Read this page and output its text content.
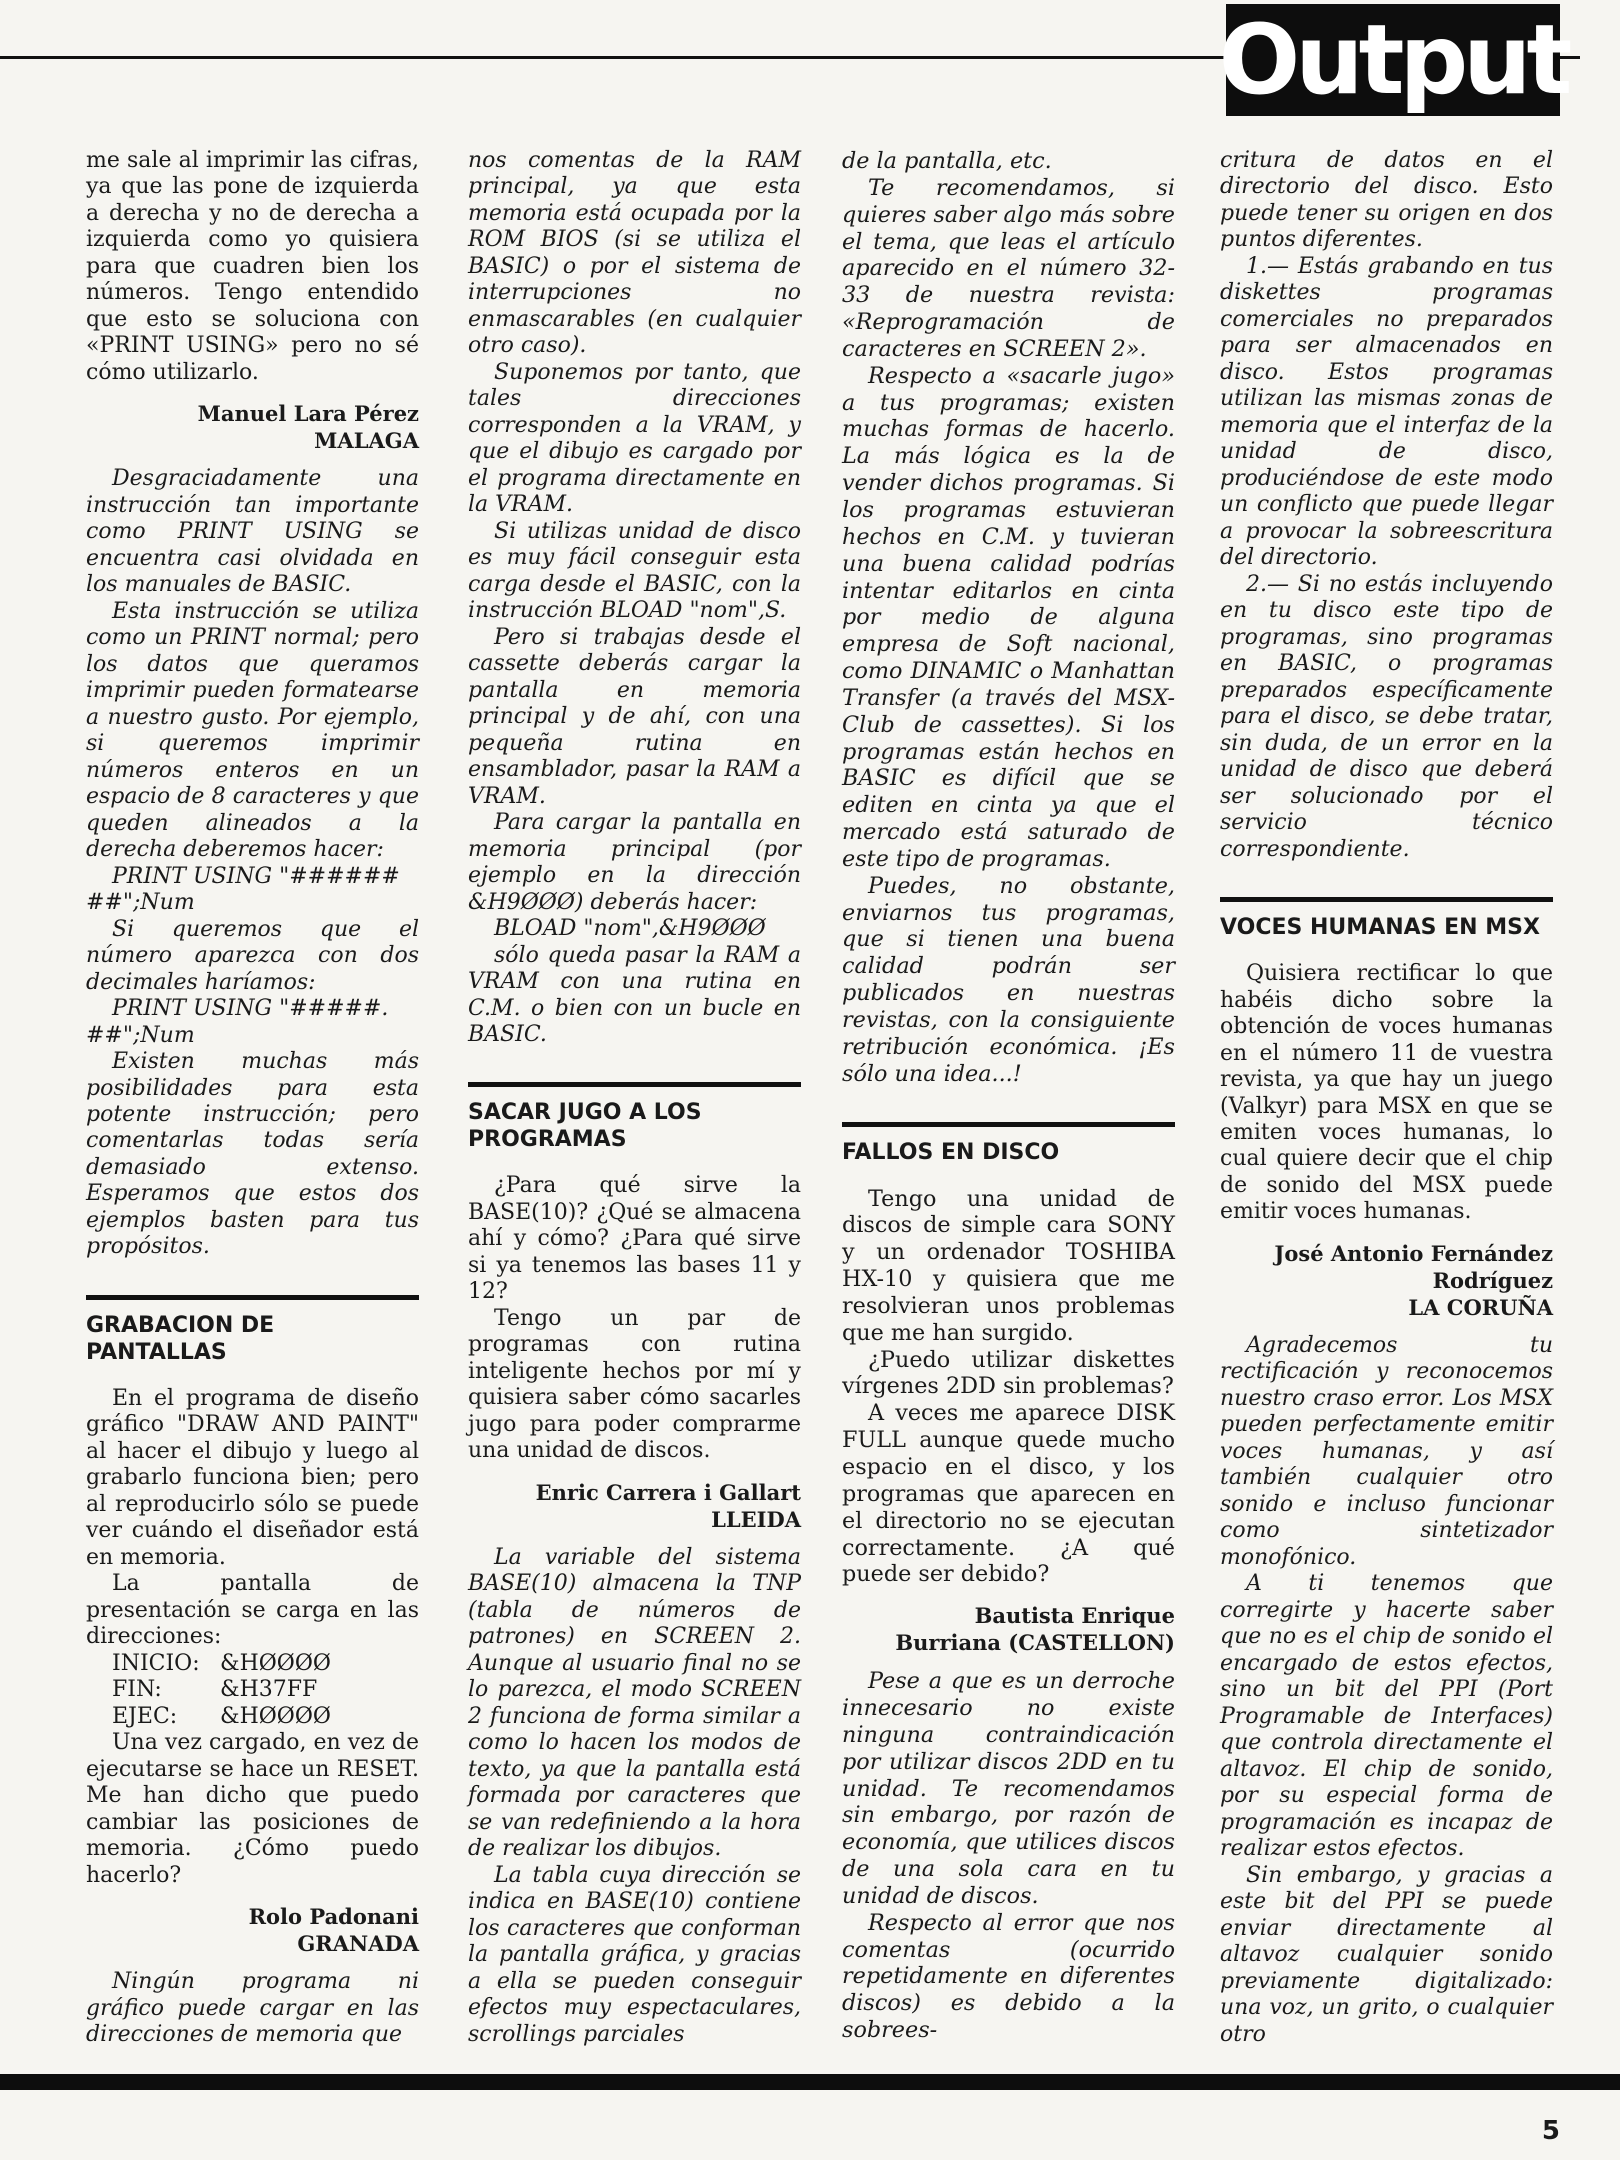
Output

me sale al imprimir las cifras, ya que las pone de izquierda a derecha y no de derecha a izquierda como yo quisiera para que cuadren bien los números. Tengo entendido que esto se soluciona con «PRINT USING» pero no sé cómo utilizarlo.

Manuel Lara Pérez
MALAGA

Desgraciadamente una instrucción tan importante como PRINT USING se encuentra casi olvidada en los manuales de BASIC.

Esta instrucción se utiliza como un PRINT normal; pero los datos que queramos imprimir pueden formatearse a nuestro gusto. Por ejemplo, si queremos imprimir números enteros en un espacio de 8 caracteres y que queden alineados a la derecha deberemos hacer:

PRINT USING "######
##";Num

Si queremos que el número aparezca con dos decimales haríamos:

PRINT USING "#####.
##";Num

Existen muchas más posibilidades para esta potente instrucción; pero comentarlas todas sería demasiado extenso. Esperamos que estos dos ejemplos basten para tus propósitos.

GRABACION DE PANTALLAS

En el programa de diseño gráfico "DRAW AND PAINT" al hacer el dibujo y luego al grabarlo funciona bien; pero al reproducirlo sólo se puede ver cuándo el diseñador está en memoria.

La pantalla de presentación se carga en las direcciones:

INICIO: &HØØØØ
FIN:	&H37FF
EJEC:	&HØØØØ

Una vez cargado, en vez de ejecutarse se hace un RESET. Me han dicho que puedo cambiar las posiciones de memoria. ¿Cómo puedo hacerlo?

Rolo Padonani
GRANADA

Ningún programa ni gráfico puede cargar en las direcciones de memoria que

nos comentas de la RAM principal, ya que esta memoria está ocupada por la ROM BIOS (si se utiliza el BASIC) o por el sistema de interrupciones no enmascarables (en cualquier otro caso).

Suponemos por tanto, que tales direcciones corresponden a la VRAM, y que el dibujo es cargado por el programa directamente en la VRAM.

Si utilizas unidad de disco es muy fácil conseguir esta carga desde el BASIC, con la instrucción BLOAD "nom",S.

Pero si trabajas desde el cassette deberás cargar la pantalla en memoria principal y de ahí, con una pequeña rutina en ensamblador, pasar la RAM a VRAM.

Para cargar la pantalla en memoria principal (por ejemplo en la dirección &H9ØØØ) deberás hacer:

BLOAD "nom",&H9ØØØ

sólo queda pasar la RAM a VRAM con una rutina en C.M. o bien con un bucle en BASIC.

SACAR JUGO A LOS PROGRAMAS

¿Para qué sirve la BASE(10)? ¿Qué se almacena ahí y cómo? ¿Para qué sirve si ya tenemos las bases 11 y 12?

Tengo un par de programas con rutina inteligente hechos por mí y quisiera saber cómo sacarles jugo para poder comprarme una unidad de discos.

Enric Carrera i Gallart
LLEIDA

La variable del sistema BASE(10) almacena la TNP (tabla de números de patrones) en SCREEN 2. Aunque al usuario final no se lo parezca, el modo SCREEN 2 funciona de forma similar a como lo hacen los modos de texto, ya que la pantalla está formada por caracteres que se van redefiniendo a la hora de realizar los dibujos.

La tabla cuya dirección se indica en BASE(10) contiene los caracteres que conforman la pantalla gráfica, y gracias a ella se pueden conseguir efectos muy espectaculares, scrollings parciales

de la pantalla, etc.

Te recomendamos, si quieres saber algo más sobre el tema, que leas el artículo aparecido en el número 32-33 de nuestra revista: «Reprogramación de caracteres en SCREEN 2».

Respecto a «sacarle jugo» a tus programas; existen muchas formas de hacerlo. La más lógica es la de vender dichos programas. Si los programas estuvieran hechos en C.M. y tuvieran una buena calidad podrías intentar editarlos en cinta por medio de alguna empresa de Soft nacional, como DINAMIC o Manhattan Transfer (a través del MSX-Club de cassettes). Si los programas están hechos en BASIC es difícil que se editen en cinta ya que el mercado está saturado de este tipo de programas.

Puedes, no obstante, enviarnos tus programas, que si tienen una buena calidad podrán ser publicados en nuestras revistas, con la consiguiente retribución económica. ¡Es sólo una idea...!

FALLOS EN DISCO

Tengo una unidad de discos de simple cara SONY y un ordenador TOSHIBA HX-10 y quisiera que me resolvieran unos problemas que me han surgido.

¿Puedo utilizar diskettes vírgenes 2DD sin problemas?

A veces me aparece DISK FULL aunque quede mucho espacio en el disco, y los programas que aparecen en el directorio no se ejecutan correctamente. ¿A qué puede ser debido?

Bautista Enrique
Burriana (CASTELLON)

Pese a que es un derroche innecesario no existe ninguna contraindicación por utilizar discos 2DD en tu unidad. Te recomendamos sin embargo, por razón de economía, que utilices discos de una sola cara en tu unidad de discos.

Respecto al error que nos comentas (ocurrido repetidamente en diferentes discos) es debido a la sobrees-

critura de datos en el directorio del disco. Esto puede tener su origen en dos puntos diferentes.

1.— Estás grabando en tus diskettes programas comerciales no preparados para ser almacenados en disco. Estos programas utilizan las mismas zonas de memoria que el interfaz de la unidad de disco, produciéndose de este modo un conflicto que puede llegar a provocar la sobreescritura del directorio.

2.— Si no estás incluyendo en tu disco este tipo de programas, sino programas en BASIC, o programas preparados específicamente para el disco, se debe tratar, sin duda, de un error en la unidad de disco que deberá ser solucionado por el servicio técnico correspondiente.

VOCES HUMANAS EN MSX

Quisiera rectificar lo que habéis dicho sobre la obtención de voces humanas en el número 11 de vuestra revista, ya que hay un juego (Valkyr) para MSX en que se emiten voces humanas, lo cual quiere decir que el chip de sonido del MSX puede emitir voces humanas.

José Antonio Fernández
Rodríguez
LA CORUÑA

Agradecemos tu rectificación y reconocemos nuestro craso error. Los MSX pueden perfectamente emitir voces humanas, y así también cualquier otro sonido e incluso funcionar como sintetizador monofónico.

A ti tenemos que corregirte y hacerte saber que no es el chip de sonido el encargado de estos efectos, sino un bit del PPI (Port Programable de Interfaces) que controla directamente el altavoz. El chip de sonido, por su especial forma de programación es incapaz de realizar estos efectos.

Sin embargo, y gracias a este bit del PPI se puede enviar directamente al altavoz cualquier sonido previamente digitalizado: una voz, un grito, o cualquier otro

5
